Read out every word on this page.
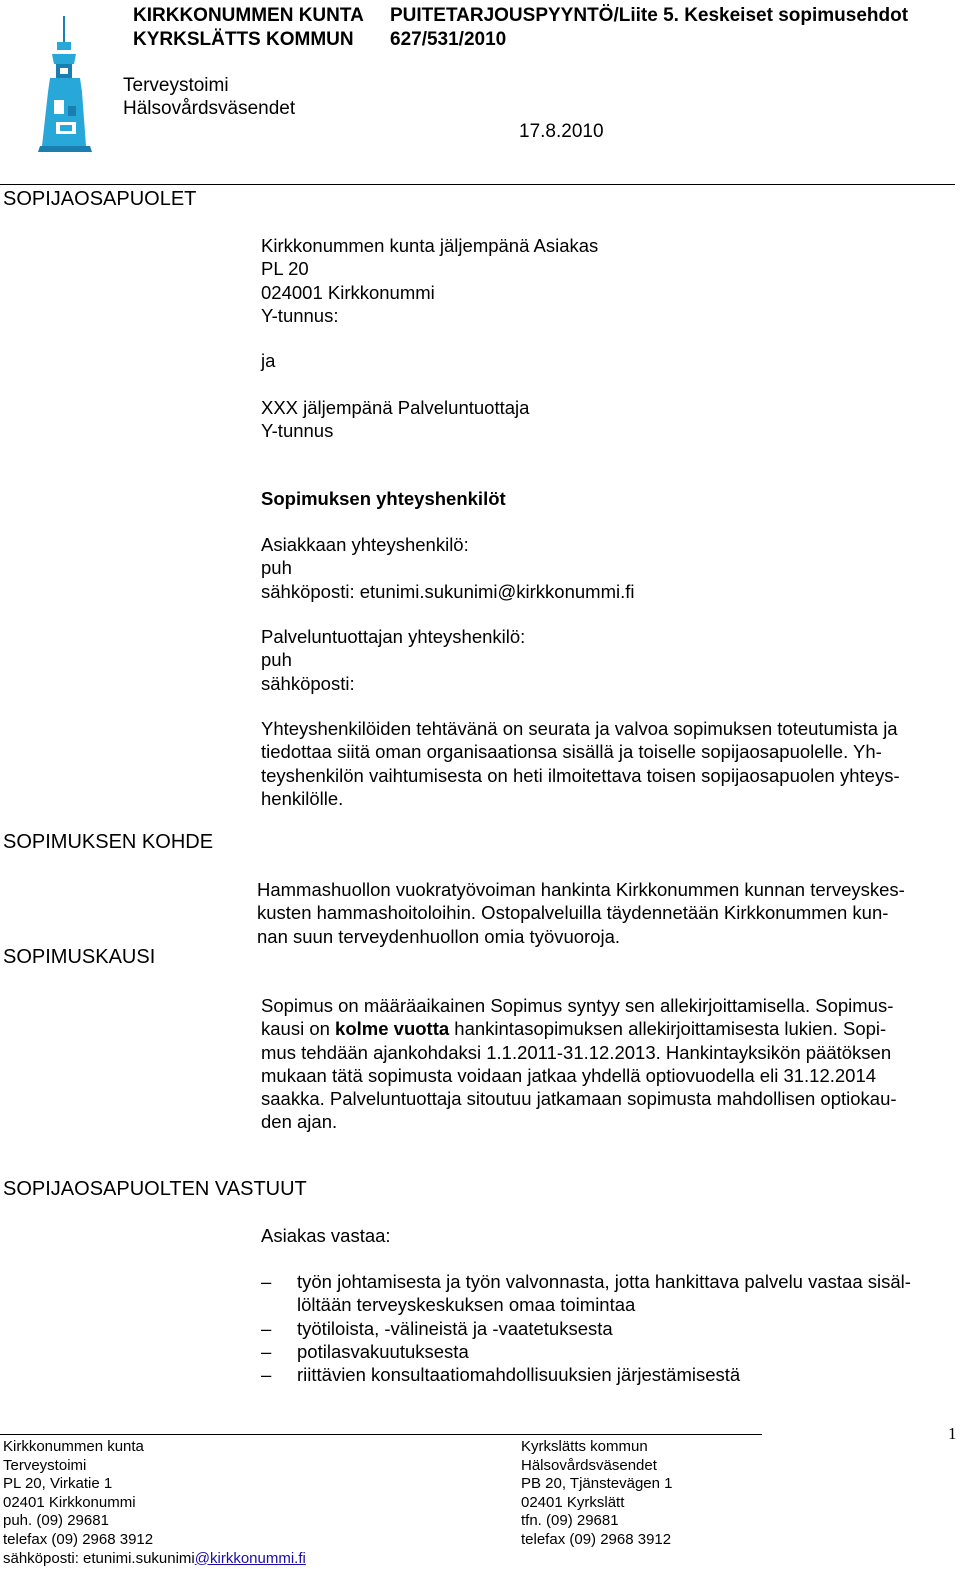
KIRKKONUMMEN KUNTA
KYRKSLÄTTS KOMMUN
PUITETARJOUSPYYNTÖ/Liite 5. Keskeiset sopimusehdot
627/531/2010
Terveystoimi
Hälsovårdsväsendet
17.8.2010
SOPIJAOSAPUOLET
Kirkkonummen kunta jäljempänä Asiakas
PL 20
024001 Kirkkonummi
Y-tunnus:
ja
XXX jäljempänä Palveluntuottaja
Y-tunnus
Sopimuksen yhteyshenkilöt
Asiakkaan yhteyshenkilö:
puh
sähköposti: etunimi.sukunimi@kirkkonummi.fi
Palveluntuottajan yhteyshenkilö:
puh
sähköposti:
Yhteyshenkilöiden tehtävänä on seurata ja valvoa sopimuksen toteutumista ja
tiedottaa siitä oman organisaationsa sisällä ja toiselle sopijaosapuolelle. Yh-
teyshenkilön vaihtumisesta on heti ilmoitettava toisen sopijaosapuolen yhteys-
henkilölle.
SOPIMUKSEN KOHDE
Hammashuollon vuokratyövoiman hankinta Kirkkonummen kunnan terveyskes-
kusten hammashoitoloihin. Ostopalveluilla täydennetään Kirkkonummen kun-
nan suun terveydenhuollon omia työvuoroja.
SOPIMUSKAUSI
Sopimus on määräaikainen Sopimus syntyy sen allekirjoittamisella. Sopimus-
kausi on kolme vuotta hankintasopimuksen allekirjoittamisesta lukien. Sopi-
mus tehdään ajankohdaksi 1.1.2011-31.12.2013. Hankintayksikön päätöksen
mukaan tätä sopimusta voidaan jatkaa yhdellä optiovuodella eli 31.12.2014
saakka. Palveluntuottaja sitoutuu jatkamaan sopimusta mahdollisen optiokau-
den ajan.
SOPIJAOSAPUOLTEN VASTUUT
Asiakas vastaa:
– työn johtamisesta ja työn valvonnasta, jotta hankittava palvelu vastaa sisäl-
löltään terveyskeskuksen omaa toimintaa
– työtiloista, -välineistä ja -vaatetuksesta
– potilasvakuutuksesta
– riittävien konsultaatiomahdollisuuksien järjestämisestä
1
Kirkkonummen kunta
Terveystoimi
PL 20, Virkatie 1
02401 Kirkkonummi
puh. (09) 29681
telefax (09) 2968 3912
sähköposti: etunimi.sukunimi@kirkkonummi.fi
Kyrkslätts kommun
Hälsovårdsväsendet
PB 20, Tjänstevägen 1
02401 Kyrkslätt
tfn. (09) 29681
telefax (09) 2968 3912
